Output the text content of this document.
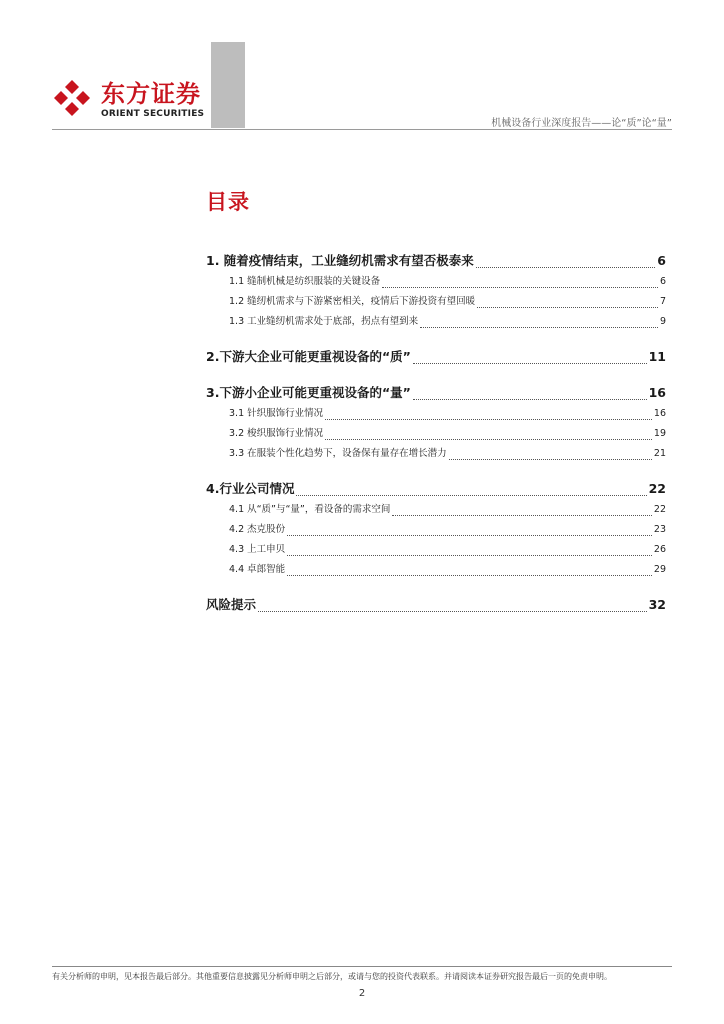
东方证券
ORIENT SECURITIES
机械设备行业深度报告——论“质”论“量”
目录
1. 随着疫情结束，工业缝纫机需求有望否极泰来	6
1.1 缝制机械是纺织服装的关键设备	6
1.2 缝纫机需求与下游紧密相关，疫情后下游投资有望回暖	7
1.3 工业缝纫机需求处于底部，拐点有望到来	9
2.下游大企业可能更重视设备的“质”	11
3.下游小企业可能更重视设备的“量”	16
3.1 针织服饰行业情况	16
3.2 梭织服饰行业情况	19
3.3 在服装个性化趋势下，设备保有量存在增长潜力	21
4.行业公司情况	22
4.1 从“质”与“量”，看设备的需求空间	22
4.2 杰克股份	23
4.3 上工申贝	26
4.4 卓郎智能	29
风险提示	32
有关分析师的申明，见本报告最后部分。其他重要信息披露见分析师申明之后部分，或请与您的投资代表联系。并请阅读本证券研究报告最后一页的免责申明。
2
